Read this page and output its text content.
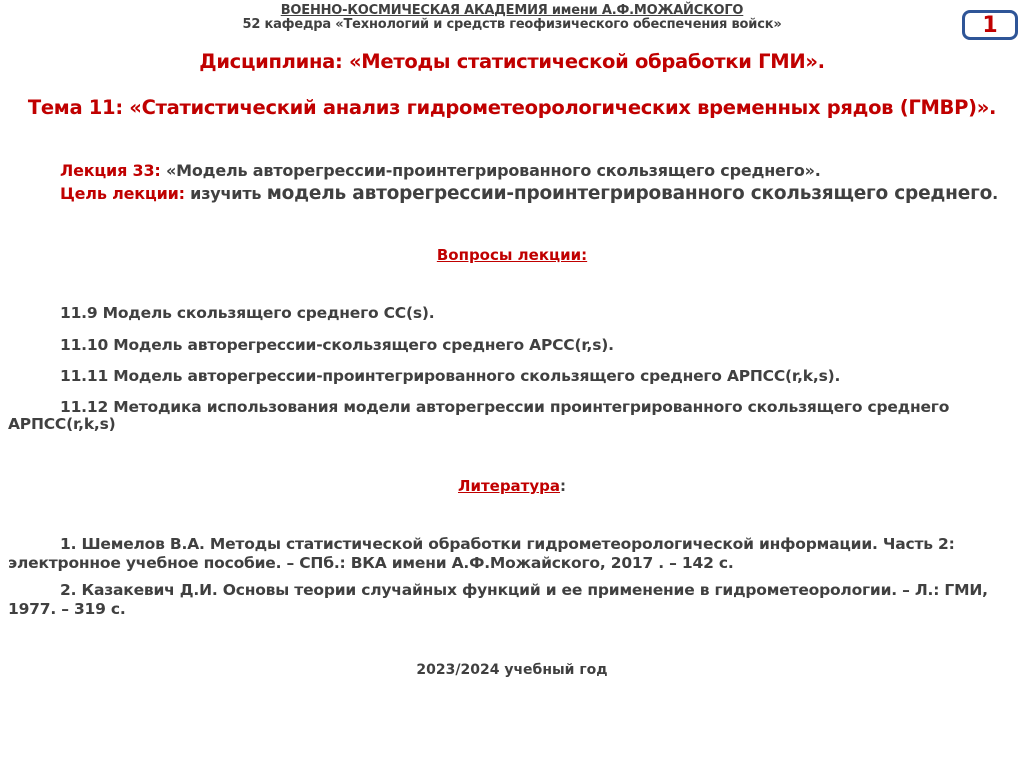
ВОЕННО-КОСМИЧЕСКАЯ АКАДЕМИЯ имени А.Ф.МОЖАЙСКОГО
52 кафедра «Технологий и средств геофизического обеспечения войск»	1
Дисциплина: «Методы статистической обработки ГМИ».
Тема 11: «Статистический анализ гидрометеорологических временных рядов (ГМВР)».
Лекция 33: «Модель авторегрессии-проинтегрированного скользящего среднего».
Цель лекции: изучить модель авторегрессии-проинтегрированного скользящего среднего.
Вопросы лекции:
11.9 Модель скользящего среднего СС(s).
11.10 Модель авторегрессии-скользящего среднего АРСС(r,s).
11.11 Модель авторегрессии-проинтегрированного скользящего среднего АРПСС(r,k,s).
11.12 Методика использования модели авторегрессии проинтегрированного скользящего среднего АРПСС(r,k,s)
Литература:
1. Шемелов В.А. Методы статистической обработки гидрометеорологической информации. Часть 2: электронное учебное пособие. – СПб.: ВКА имени А.Ф.Можайского, 2017 . – 142 с.
2. Казакевич Д.И. Основы теории случайных функций и ее применение в гидрометеорологии. – Л.: ГМИ, 1977. – 319 с.
2023/2024 учебный год
